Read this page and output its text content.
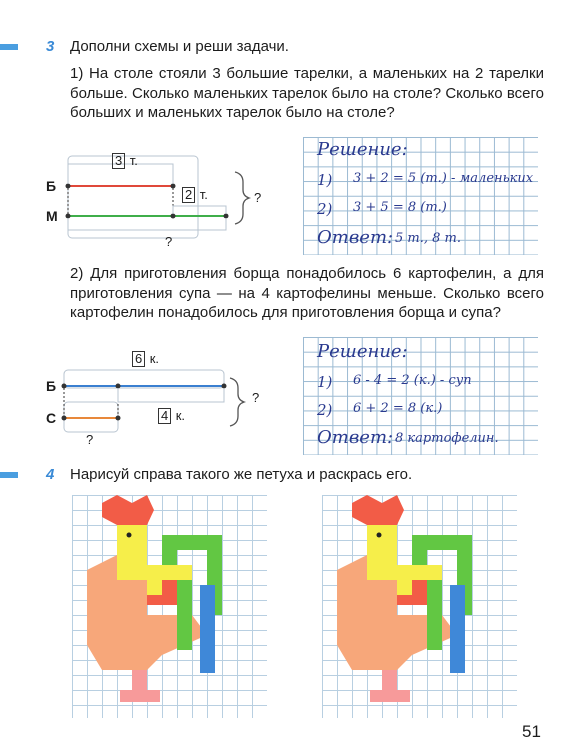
3 Дополни схемы и реши задачи.
1) На столе стояли 3 большие тарелки, а маленьких на 2 тарелки больше. Сколько маленьких тарелок было на столе? Сколько всего больших и маленьких тарелок было на столе?
3 т.
Б
М
2 т.	?
?
Решение:
1) 3 + 2 = 5 (т.) - маленьких
2) 3 + 5 = 8 (т.)
Ответ: 5 т., 8 т.
2) Для приготовления борща понадобилось 6 картофелин, а для приготовления супа — на 4 картофелины меньше. Сколько всего картофелин понадобилось для приготовления борща и супа?
6 к.
Б
С	4 к.
?
?
Решение:
1) 6 - 4 = 2 (к.) - суп
2) 6 + 2 = 8 (к.)
Ответ: 8 картофелин.
4 Нарисуй справа такого же петуха и раскрась его.
51
